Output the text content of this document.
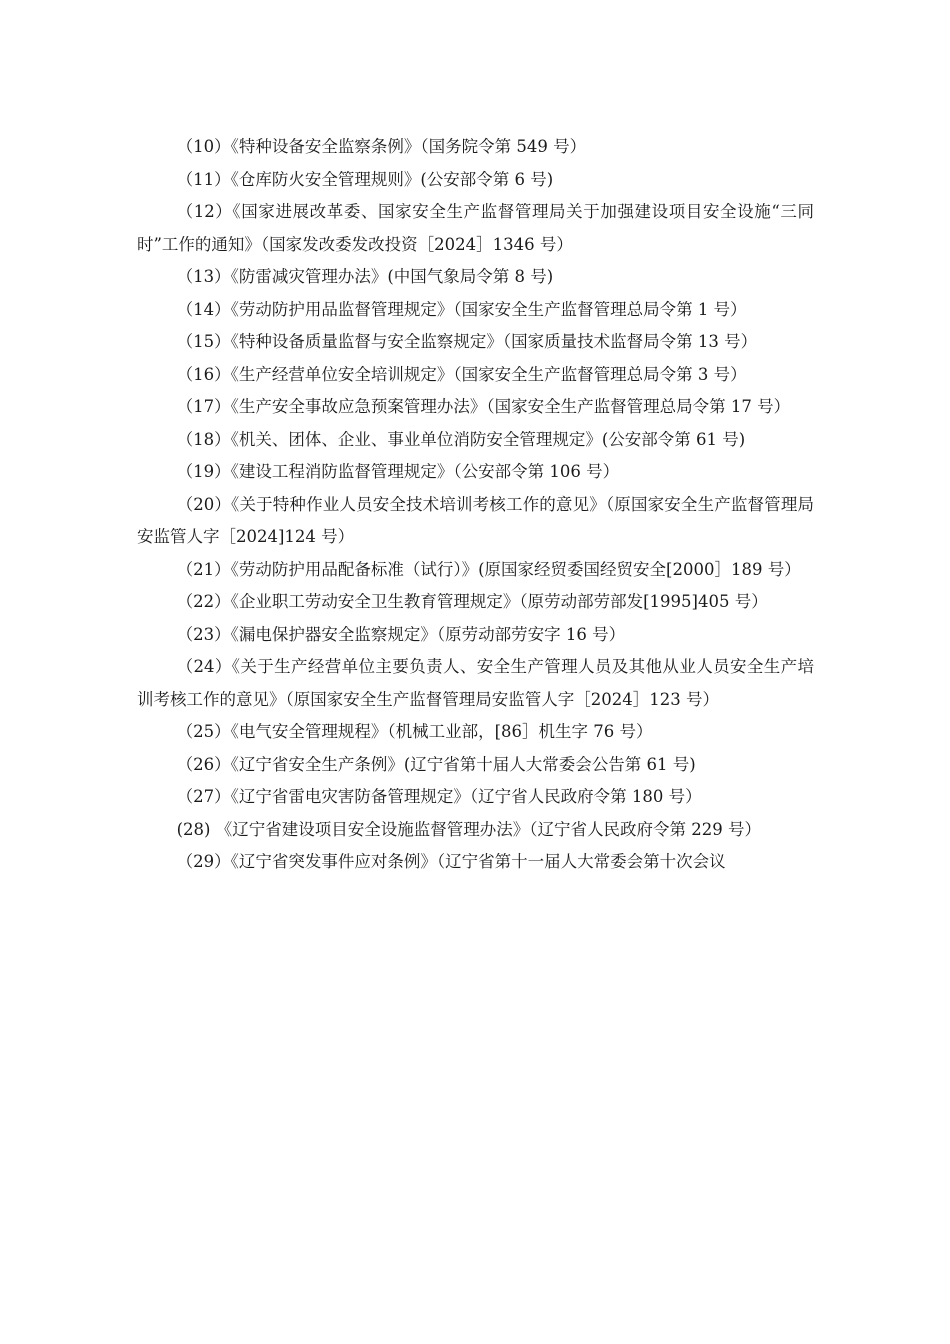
（10）《特种设备安全监察条例》（国务院令第 549 号）

（11）《仓库防火安全管理规则》(公安部令第 6 号)

（12）《国家进展改革委、国家安全生产监督管理局关于加强建设项目安全设施“三同时”工作的通知》（国家发改委发改投资［2024］1346 号）

（13）《防雷减灾管理办法》(中国气象局令第 8 号)

（14）《劳动防护用品监督管理规定》（国家安全生产监督管理总局令第 1 号）

（15）《特种设备质量监督与安全监察规定》（国家质量技术监督局令第 13 号）

（16）《生产经营单位安全培训规定》（国家安全生产监督管理总局令第 3 号）

（17）《生产安全事故应急预案管理办法》（国家安全生产监督管理总局令第 17 号）

（18）《机关、团体、企业、事业单位消防安全管理规定》(公安部令第 61 号)

（19）《建设工程消防监督管理规定》（公安部令第 106 号）

（20）《关于特种作业人员安全技术培训考核工作的意见》（原国家安全生产监督管理局安监管人字［2024]124 号）

（21）《劳动防护用品配备标准（试行）》(原国家经贸委国经贸安全[2000］189 号）

（22）《企业职工劳动安全卫生教育管理规定》（原劳动部劳部发[1995]405 号）

（23）《漏电保护器安全监察规定》（原劳动部劳安字 16 号）

（24）《关于生产经营单位主要负责人、安全生产管理人员及其他从业人员安全生产培训考核工作的意见》（原国家安全生产监督管理局安监管人字［2024］123 号）

（25）《电气安全管理规程》（机械工业部，[86］机生字 76 号）

（26）《辽宁省安全生产条例》(辽宁省第十届人大常委会公告第 61 号)

（27）《辽宁省雷电灾害防备管理规定》（辽宁省人民政府令第 180 号）

(28) 《辽宁省建设项目安全设施监督管理办法》（辽宁省人民政府令第 229 号）

（29）《辽宁省突发事件应对条例》（辽宁省第十一届人大常委会第十次会议
